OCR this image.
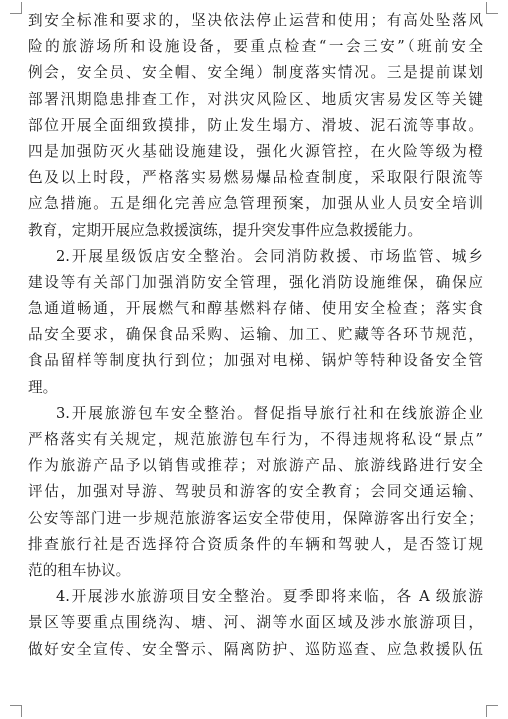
到安全标准和要求的，坚决依法停止运营和使用；有高处坠落风
险的旅游场所和设施设备，要重点检查“一会三安”（班前安全
例会，安全员、安全帽、安全绳）制度落实情况。三是提前谋划
部署汛期隐患排查工作，对洪灾风险区、地质灾害易发区等关键
部位开展全面细致摸排，防止发生塌方、滑坡、泥石流等事故。
四是加强防灭火基础设施建设，强化火源管控，在火险等级为橙
色及以上时段，严格落实易燃易爆品检查制度，采取限行限流等
应急措施。五是细化完善应急管理预案，加强从业人员安全培训
教育，定期开展应急救援演练，提升突发事件应急救援能力。
2.开展星级饭店安全整治。会同消防救援、市场监管、城乡
建设等有关部门加强消防安全管理，强化消防设施维保，确保应
急通道畅通，开展燃气和醇基燃料存储、使用安全检查；落实食
品安全要求，确保食品采购、运输、加工、贮藏等各环节规范，
食品留样等制度执行到位；加强对电梯、锅炉等特种设备安全管
理。
3.开展旅游包车安全整治。督促指导旅行社和在线旅游企业
严格落实有关规定，规范旅游包车行为，不得违规将私设“景点”
作为旅游产品予以销售或推荐；对旅游产品、旅游线路进行安全
评估，加强对导游、驾驶员和游客的安全教育；会同交通运输、
公安等部门进一步规范旅游客运安全带使用，保障游客出行安全；
排查旅行社是否选择符合资质条件的车辆和驾驶人，是否签订规
范的租车协议。
4.开展涉水旅游项目安全整治。夏季即将来临，各 A 级旅游
景区等要重点围绕沟、塘、河、湖等水面区域及涉水旅游项目，
做好安全宣传、安全警示、隔离防护、巡防巡查、应急救援队伍
